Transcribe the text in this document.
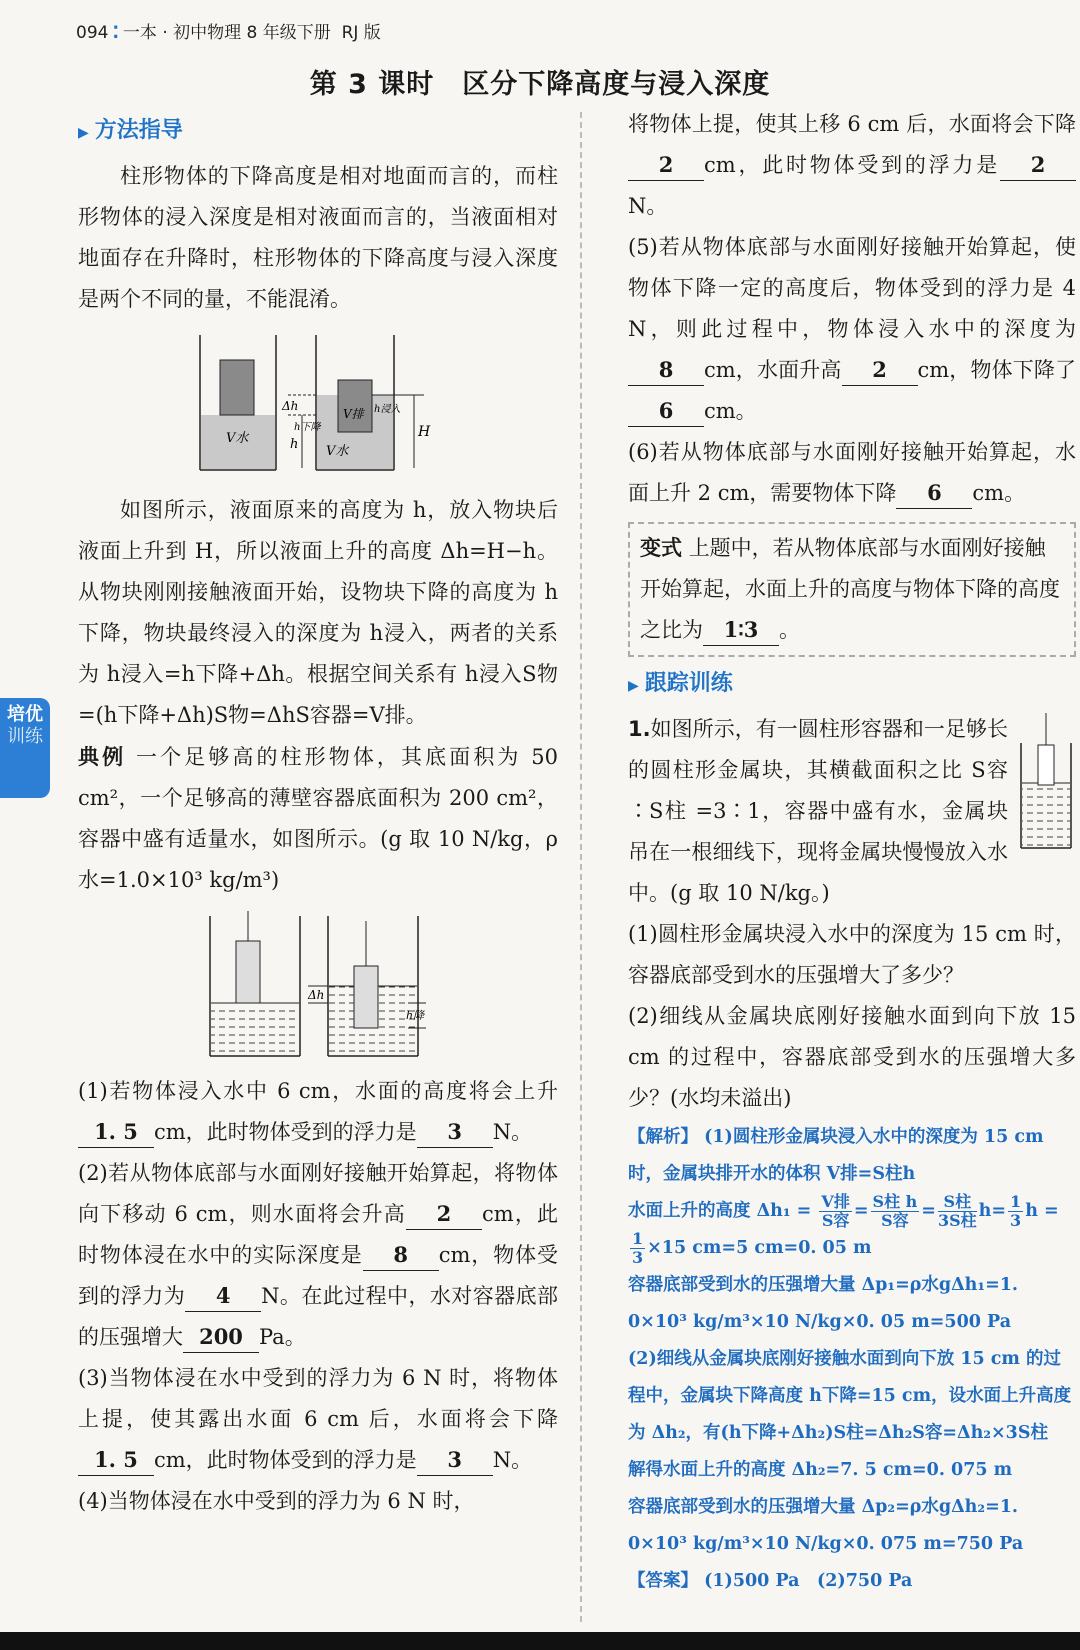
094 ⁚ 一本 · 初中物理 8 年级下册 RJ 版
第 3 课时　区分下降高度与浸入深度
培优
训练
▶ 方法指导

柱形物体的下降高度是相对地面而言的，而柱形物体的浸入深度是相对液面而言的，当液面相对地面存在升降时，柱形物体的下降高度与浸入深度是两个不同的量，不能混淆。

V水
V排
V水
Δh
h
h下降
h浸入
H

如图所示，液面原来的高度为 h，放入物块后液面上升到 H，所以液面上升的高度 Δh=H−h。从物块刚刚接触液面开始，设物块下降的高度为 h下降，物块最终浸入的深度为 h浸入，两者的关系为 h浸入=h下降+Δh。根据空间关系有 h浸入S物=(h下降+Δh)S物=ΔhS容器=V排。

典例 一个足够高的柱形物体，其底面积为 50 cm²，一个足够高的薄壁容器底面积为 200 cm²，容器中盛有适量水，如图所示。(g 取 10 N/kg，ρ水=1.0×10³ kg/m³)

Δh
h降

(1)若物体浸入水中 6 cm，水面的高度将会上升1. 5 cm，此时物体受到的浮力是 3 N。

(2)若从物体底部与水面刚好接触开始算起，将物体向下移动 6 cm，则水面将会升高 2 cm，此时物体浸在水中的实际深度是 8 cm，物体受到的浮力为 4 N。在此过程中，水对容器底部的压强增大 200 Pa。

(3)当物体浸在水中受到的浮力为 6 N 时，将物体上提，使其露出水面 6 cm 后，水面将会下降1. 5 cm，此时物体受到的浮力是 3 N。

(4)当物体浸在水中受到的浮力为 6 N 时，

将物体上提，使其上移 6 cm 后，水面将会下降2 cm，此时物体受到的浮力是 2N。

(5)若从物体底部与水面刚好接触开始算起，使物体下降一定的高度后，物体受到的浮力是 4 N，则此过程中，物体浸入水中的深度为8 cm，水面升高 2 cm，物体下降了6 cm。

(6)若从物体底部与水面刚好接触开始算起，水面上升 2 cm，需要物体下降 6 cm。

变式 上题中，若从物体底部与水面刚好接触开始算起，水面上升的高度与物体下降的高度之比为 1∶3 。
▶ 跟踪训练

1.如图所示，有一圆柱形容器和一足够长的圆柱形金属块，其横截面积之比 S容∶S柱 =3∶1，容器中盛有水，金属块吊在一根细线下，现将金属块慢慢放入水中。(g 取 10 N/kg。)

(1)圆柱形金属块浸入水中的深度为 15 cm 时，容器底部受到水的压强增大了多少？

(2)细线从金属块底刚好接触水面到向下放 15 cm 的过程中，容器底部受到水的压强增大多少？(水均未溢出)

【解析】 (1)圆柱形金属块浸入水中的深度为 15 cm 时，金属块排开水的体积 V排=S柱h
水面上升的高度 $\Delta h_1 = \frac{\text{V排}}{\text{S容}} = \frac{\text{S柱 h}}{\text{S容}} = \frac{\text{S柱}}{\text{3S柱}} h= \frac{1}{3}$ h =
$\frac{1}{3} \times 15$ cm=5 cm=0. 05 m
容器底部受到水的压强增大量 Δp₁=ρ水gΔh₁=1. 0×10³ kg/m³×10 N/kg×0. 05 m=500 Pa
(2)细线从金属块底刚好接触水面到向下放 15 cm 的过程中，金属块下降高度 h下降=15 cm，设水面上升高度为 Δh₂，有(h下降+Δh₂)S柱=Δh₂S容=Δh₂×3S柱
解得水面上升的高度 Δh₂=7. 5 cm=0. 075 m
容器底部受到水的压强增大量 Δp₂=ρ水gΔh₂=1. 0×10³ kg/m³×10 N/kg×0. 075 m=750 Pa
【答案】 (1)500 Pa　(2)750 Pa
